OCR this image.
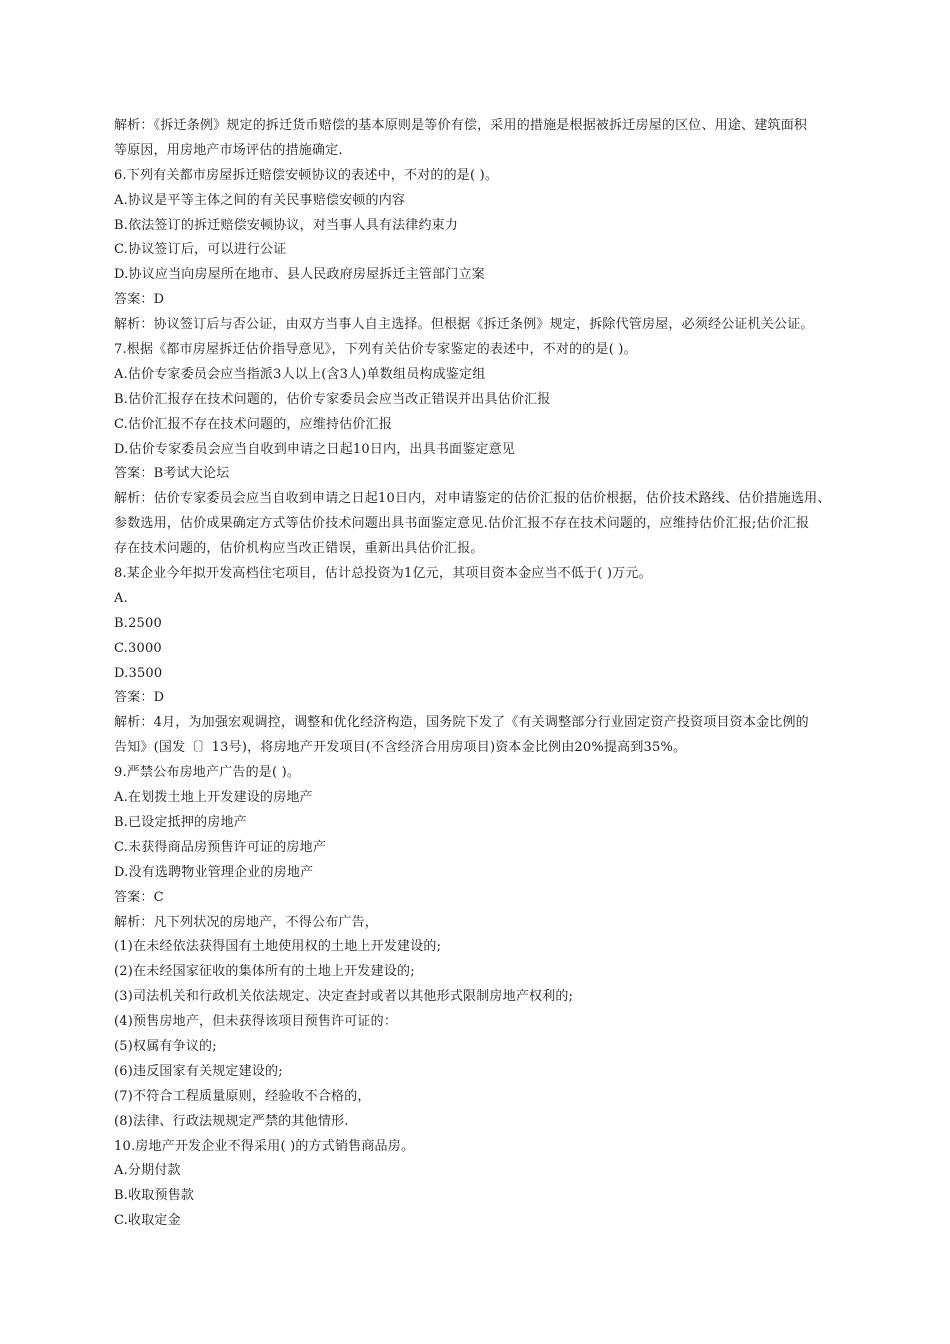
解析：《拆迁条例》规定的拆迁货币赔偿的基本原则是等价有偿，采用的措施是根据被拆迁房屋的区位、用途、建筑面积
等原因，用房地产市场评估的措施确定.
6.下列有关都市房屋拆迁赔偿安顿协议的表述中，不对的的是( )。
A.协议是平等主体之间的有关民事赔偿安顿的内容
B.依法签订的拆迁赔偿安顿协议，对当事人具有法律约束力
C.协议签订后，可以进行公证
D.协议应当向房屋所在地市、县人民政府房屋拆迁主管部门立案
答案：D
解析：协议签订后与否公证，由双方当事人自主选择。但根据《拆迁条例》规定，拆除代管房屋，必须经公证机关公证。
7.根据《都市房屋拆迁估价指导意见》，下列有关估价专家鉴定的表述中，不对的的是( )。
A.估价专家委员会应当指派3人以上(含3人)单数组员构成鉴定组
B.估价汇报存在技术问题的，估价专家委员会应当改正错误并出具估价汇报
C.估价汇报不存在技术问题的，应维持估价汇报
D.估价专家委员会应当自收到申请之日起10日内，出具书面鉴定意见
答案：B考试大论坛
解析：估价专家委员会应当自收到申请之日起10日内，对申请鉴定的估价汇报的估价根据，估价技术路线、估价措施选用、
参数选用，估价成果确定方式等估价技术问题出具书面鉴定意见.估价汇报不存在技术问题的，应维持估价汇报;估价汇报
存在技术问题的，估价机构应当改正错误，重新出具估价汇报。
8.某企业今年拟开发高档住宅项目，估计总投资为1亿元，其项目资本金应当不低于( )万元。
A.
B.2500
C.3000
D.3500
答案：D
解析：4月，为加强宏观调控，调整和优化经济构造，国务院下发了《有关调整部分行业固定资产投资项目资本金比例的
告知》(国发〔〕13号)，将房地产开发项目(不含经济合用房项目)资本金比例由20%提高到35%。
9.严禁公布房地产广告的是( )。
A.在划拨土地上开发建设的房地产
B.已设定抵押的房地产
C.未获得商品房预售许可证的房地产
D.没有选聘物业管理企业的房地产
答案：C
解析：凡下列状况的房地产，不得公布广告，
(1)在未经依法获得国有土地使用权的土地上开发建设的;
(2)在未经国家征收的集体所有的土地上开发建设的;
(3)司法机关和行政机关依法规定、决定查封或者以其他形式限制房地产权利的;
(4)预售房地产，但未获得该项目预售许可证的：
(5)权属有争议的;
(6)违反国家有关规定建设的;
(7)不符合工程质量原则，经验收不合格的，
(8)法律、行政法规规定严禁的其他情形.
10.房地产开发企业不得采用( )的方式销售商品房。
A.分期付款
B.收取预售款
C.收取定金
